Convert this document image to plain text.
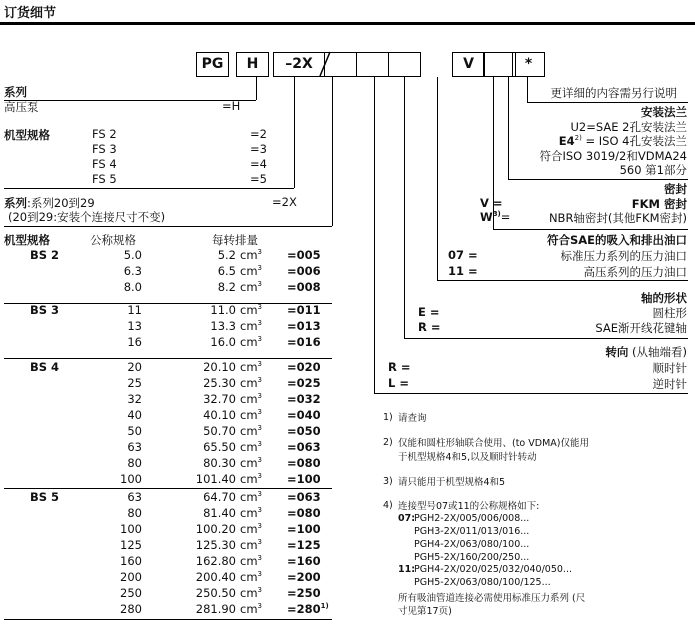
订货细节
PG	H	–2X	V	*
更详细的内容需另行说明
安装法兰
U2=SAE 2孔安装法兰
$E4^{2)}$ = ISO 4孔安装法兰
符合ISO 3019/2和VDMA24
560 第1部分
密封
V =	FKM 密封
$W^{3)}=$	NBR轴密封(其他FKM密封)
符合SAE的吸入和排出油口
07 =	标准压力系列的压力油口
11 =	高压系列的压力油口
轴的形状
E =	圆柱形
R =	SAE渐开线花键轴
转向 (从轴端看)
R =	顺时针
L =	逆时针
系列
高压泵	=H
机型规格	FS 2	=2
FS 3	=3
FS 4	=4
FS 5	=5
系列:系列20到29	=2X
(20到29:安装个连接尺寸不变)
机型规格	公称规格	每转排量
BS 2	5.0	5.2 $cm^3 =005$
6.3	6.5 $cm^3 =006$
8.0	8.2 $cm^3 =008$
BS 3	11	11.0 $cm^3 =011$
13	13.3 $cm^3 =013$
16	16.0 $cm^3 =016$
BS 4	20	20.10 $cm^3 =020$
25	25.30 $cm^3 =025$
32	32.70 $cm^3 =032$
40	40.10 $cm^3 =040$
50	50.70 $cm^3 =050$
63	65.50 $cm^3 =063$
80	80.30 $cm^3 =080$
100	101.40 $cm^3 =100$
BS 5	63	64.70 $cm^3 =063$
80	81.40 $cm^3 =080$
100	100.20 $cm^3 =100$
125	125.30 $cm^3 =125$
160	162.80 $cm^3 =160$
200	200.40 $cm^3 =200$
250	250.50 $cm^3 =250$
280	281.90 $cm^3 =280^{1)}$
1) 请查询
2) 仅能和圆柱形轴联合使用、(to VDMA)仅能用
于机型规格4和5,以及顺时针转动
3) 请只能用于机型规格4和5
4) 连接型号07或11的公称规格如下:
07:
PGH2-2X/005/006/008...
PGH3-2X/011/013/016...
PGH4-2X/063/080/100...
PGH5-2X/160/200/250...
11:
PGH4-2X/020/025/032/040/050...
PGH5-2X/063/080/100/125...
所有吸油管道连接必需使用标准压力系列 (尺
寸见第17页)
